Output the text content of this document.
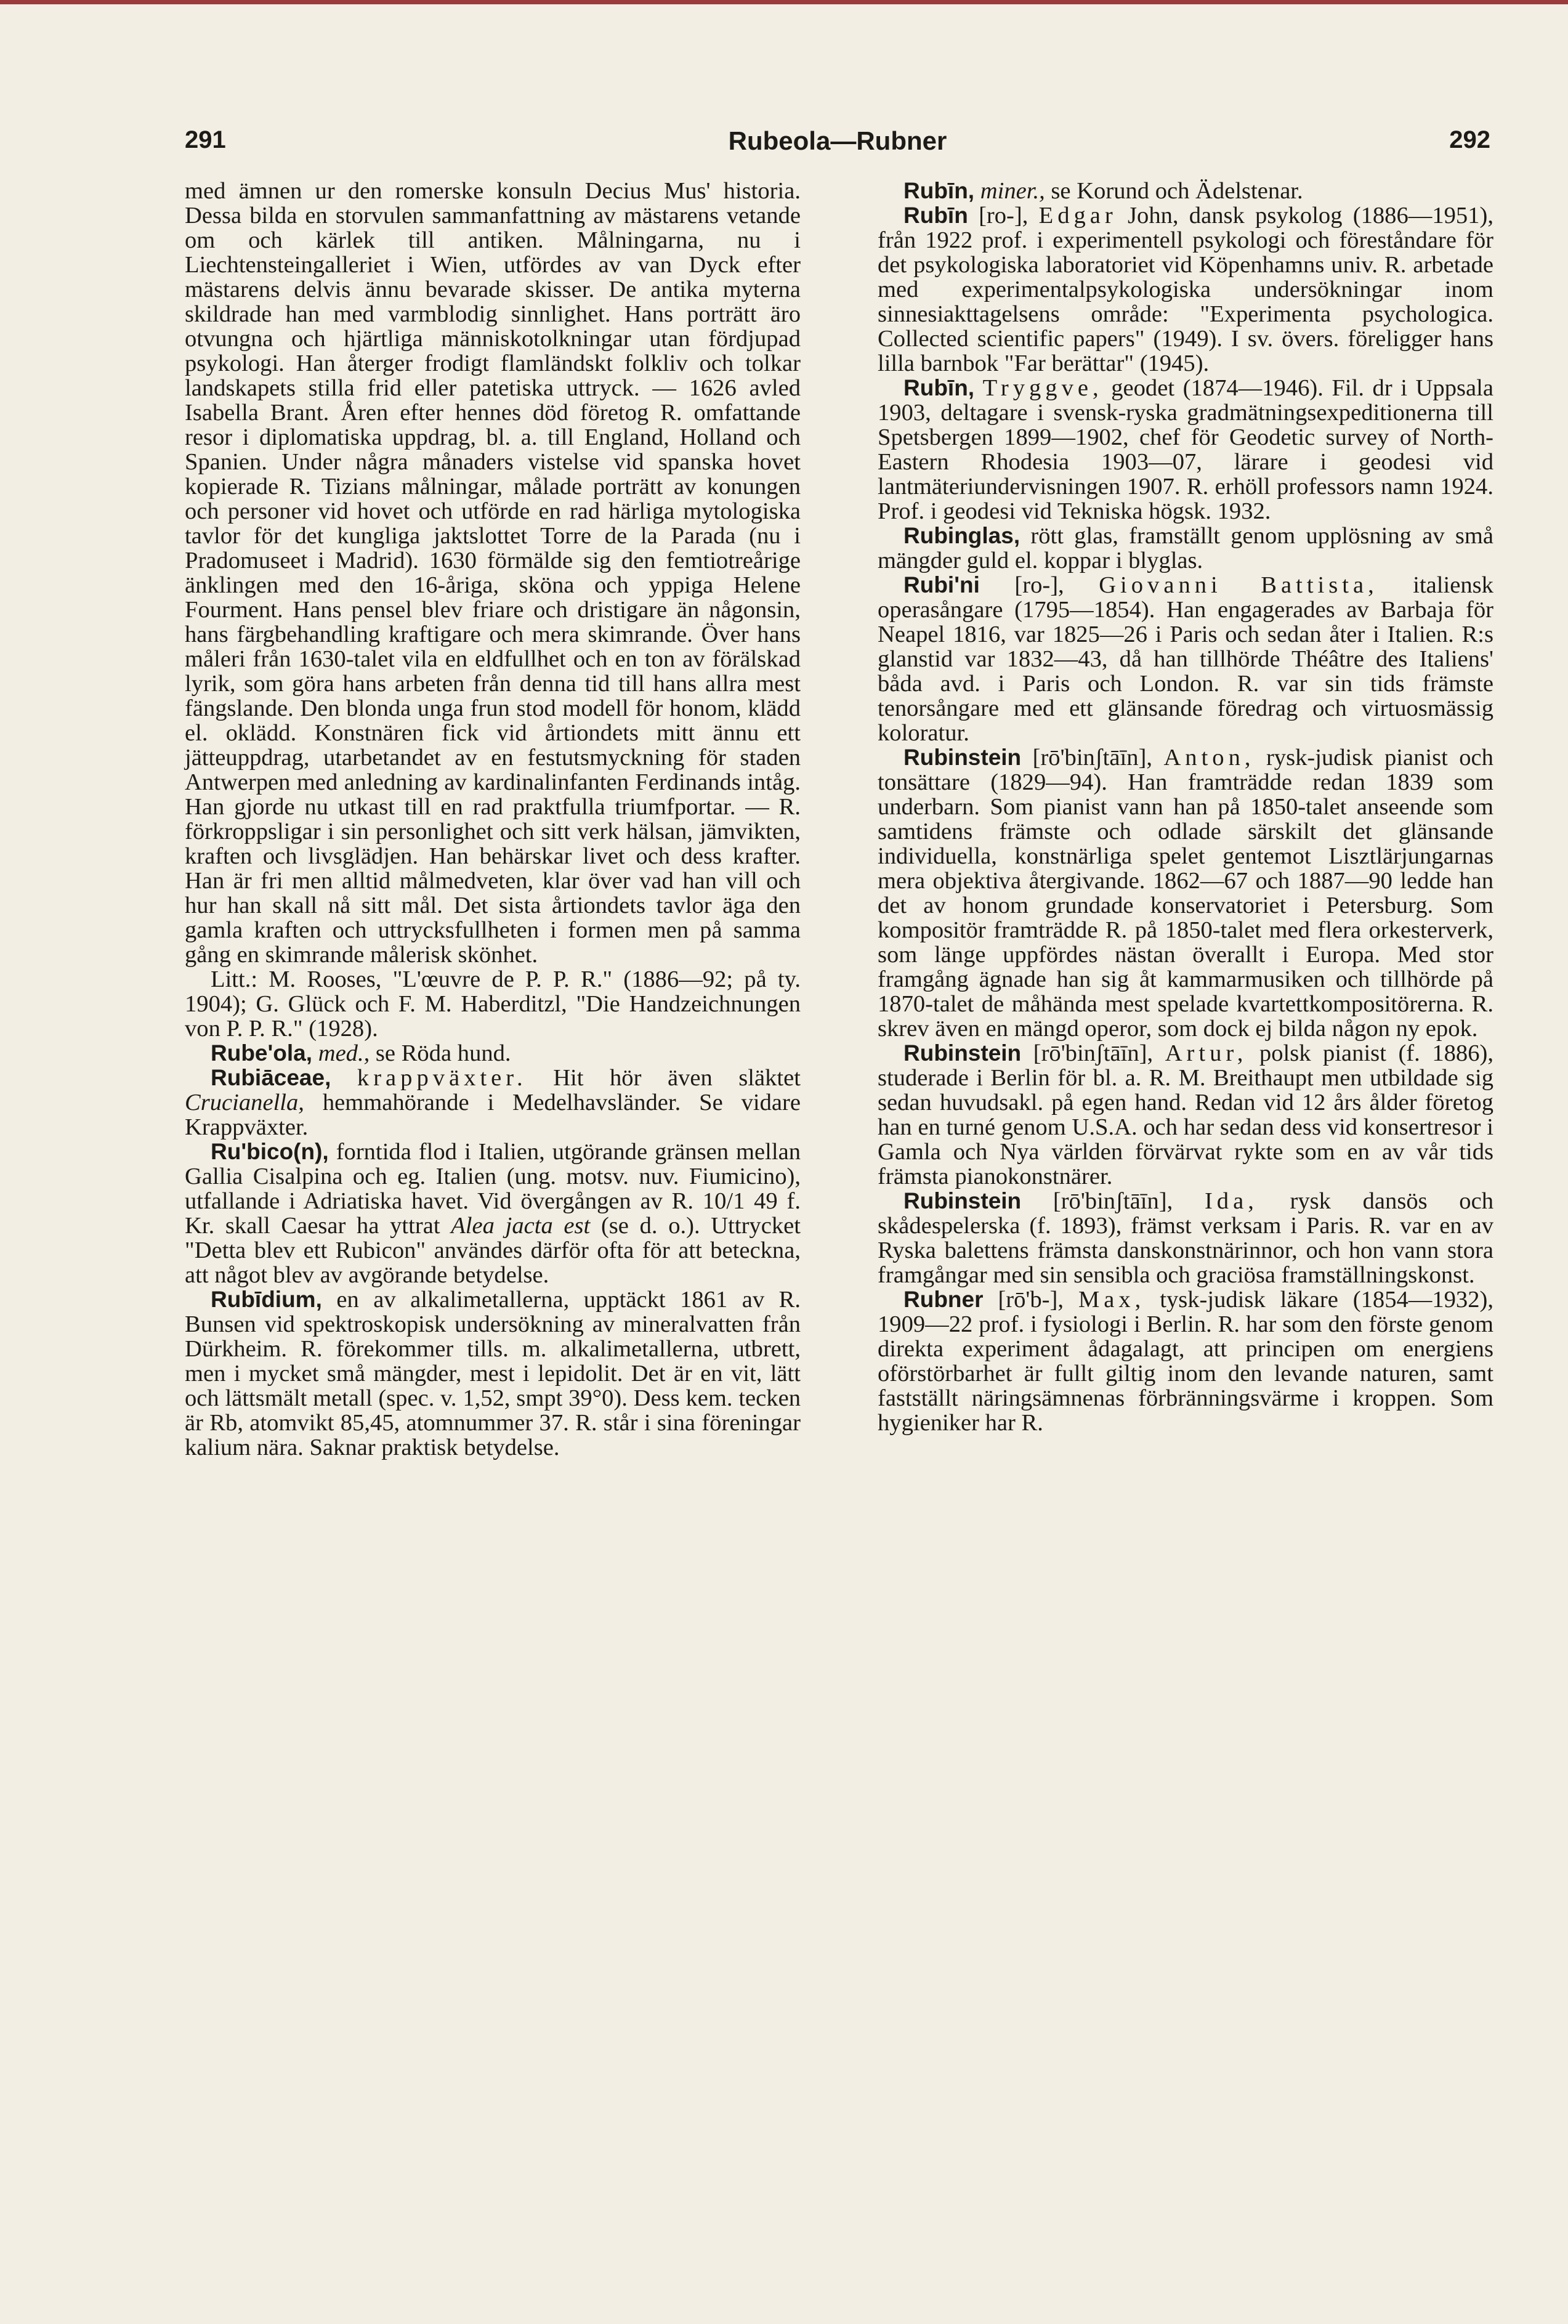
291	Rubeola—Rubner	292

med ämnen ur den romerske konsuln Decius Mus' historia. Dessa bilda en storvulen sammanfattning av mästarens vetande om och kärlek till antiken. Målningarna, nu i Liechtensteingalleriet i Wien, utfördes av van Dyck efter mästarens delvis ännu bevarade skisser. De antika myterna skildrade han med varmblodig sinnlighet. Hans porträtt äro otvungna och hjärtliga människotolkningar utan fördjupad psykologi. Han återger frodigt flamländskt folkliv och tolkar landskapets stilla frid eller patetiska uttryck. — 1626 avled Isabella Brant. Åren efter hennes död företog R. omfattande resor i diplomatiska uppdrag, bl. a. till England, Holland och Spanien. Under några månaders vistelse vid spanska hovet kopierade R. Tizians målningar, målade porträtt av konungen och personer vid hovet och utförde en rad härliga mytologiska tavlor för det kungliga jaktslottet Torre de la Parada (nu i Pradomuseet i Madrid). 1630 förmälde sig den femtiotreårige änklingen med den 16-åriga, sköna och yppiga Helene Fourment. Hans pensel blev friare och dristigare än någonsin, hans färgbehandling kraftigare och mera skimrande. Över hans måleri från 1630-talet vila en eldfullhet och en ton av förälskad lyrik, som göra hans arbeten från denna tid till hans allra mest fängslande. Den blonda unga frun stod modell för honom, klädd el. oklädd. Konstnären fick vid årtiondets mitt ännu ett jätteuppdrag, utarbetandet av en festutsmyckning för staden Antwerpen med anledning av kardinalinfanten Ferdinands intåg. Han gjorde nu utkast till en rad praktfulla triumfportar. — R. förkroppsligar i sin personlighet och sitt verk hälsan, jämvikten, kraften och livsglädjen. Han behärskar livet och dess krafter. Han är fri men alltid målmedveten, klar över vad han vill och hur han skall nå sitt mål. Det sista årtiondets tavlor äga den gamla kraften och uttrycksfullheten i formen men på samma gång en skimrande målerisk skönhet.

Litt.: M. Rooses, "L'œuvre de P. P. R." (1886—92; på ty. 1904); G. Glück och F. M. Haberditzl, "Die Handzeichnungen von P. P. R." (1928).

Rube'ola, med., se Röda hund.

Rubiāceae, krappväxter. Hit hör även släktet Crucianella, hemmahörande i Medelhavsländer. Se vidare Krappväxter.

Ru'bico(n), forntida flod i Italien, utgörande gränsen mellan Gallia Cisalpina och eg. Italien (ung. motsv. nuv. Fiumicino), utfallande i Adriatiska havet. Vid övergången av R. 10/1 49 f. Kr. skall Caesar ha yttrat Alea jacta est (se d. o.). Uttrycket "Detta blev ett Rubicon" användes därför ofta för att beteckna, att något blev av avgörande betydelse.

Rubīdium, en av alkalimetallerna, upptäckt 1861 av R. Bunsen vid spektroskopisk undersökning av mineralvatten från Dürkheim. R. förekommer tills. m. alkalimetallerna, utbrett, men i mycket små mängder, mest i lepidolit. Det är en vit, lätt och lättsmält metall (spec. v. 1,52, smpt 39°0). Dess kem. tecken är Rb, atomvikt 85,45, atomnummer 37. R. står i sina föreningar kalium nära. Saknar praktisk betydelse.

Rubīn, miner., se Korund och Ädelstenar.

Rubīn [ro-], Edgar John, dansk psykolog (1886—1951), från 1922 prof. i experimentell psykologi och föreståndare för det psykologiska laboratoriet vid Köpenhamns univ. R. arbetade med experimentalpsykologiska undersökningar inom sinnesiakttagelsens område: "Experimenta psychologica. Collected scientific papers" (1949). I sv. övers. föreligger hans lilla barnbok "Far berättar" (1945).

Rubīn, Tryggve, geodet (1874—1946). Fil. dr i Uppsala 1903, deltagare i svensk-ryska gradmätningsexpeditionerna till Spetsbergen 1899—1902, chef för Geodetic survey of North-Eastern Rhodesia 1903—07, lärare i geodesi vid lantmäteriundervisningen 1907. R. erhöll professors namn 1924. Prof. i geodesi vid Tekniska högsk. 1932.

Rubinglas, rött glas, framställt genom upplösning av små mängder guld el. koppar i blyglas.

Rubi'ni [ro-], Giovanni Battista, italiensk operasångare (1795—1854). Han engagerades av Barbaja för Neapel 1816, var 1825—26 i Paris och sedan åter i Italien. R:s glanstid var 1832—43, då han tillhörde Théâtre des Italiens' båda avd. i Paris och London. R. var sin tids främste tenorsångare med ett glänsande föredrag och virtuosmässig koloratur.

Rubinstein [rō'binʃtāīn], Anton, rysk-judisk pianist och tonsättare (1829—94). Han framträdde redan 1839 som underbarn. Som pianist vann han på 1850-talet anseende som samtidens främste och odlade särskilt det glänsande individuella, konstnärliga spelet gentemot Lisztlärjungarnas mera objektiva återgivande. 1862—67 och 1887—90 ledde han det av honom grundade konservatoriet i Petersburg. Som kompositör framträdde R. på 1850-talet med flera orkesterverk, som länge uppfördes nästan överallt i Europa. Med stor framgång ägnade han sig åt kammarmusiken och tillhörde på 1870-talet de måhända mest spelade kvartettkompositörerna. R. skrev även en mängd operor, som dock ej bilda någon ny epok.

Rubinstein [rō'binʃtāīn], Artur, polsk pianist (f. 1886), studerade i Berlin för bl. a. R. M. Breithaupt men utbildade sig sedan huvudsakl. på egen hand. Redan vid 12 års ålder företog han en turné genom U.S.A. och har sedan dess vid konsertresor i Gamla och Nya världen förvärvat rykte som en av vår tids främsta pianokonstnärer.

Rubinstein [rō'binʃtāīn], Ida, rysk dansös och skådespelerska (f. 1893), främst verksam i Paris. R. var en av Ryska balettens främsta danskonstnärinnor, och hon vann stora framgångar med sin sensibla och graciösa framställningskonst.

Rubner [rō'b-], Max, tysk-judisk läkare (1854—1932), 1909—22 prof. i fysiologi i Berlin. R. har som den förste genom direkta experiment ådagalagt, att principen om energiens oförstörbarhet är fullt giltig inom den levande naturen, samt fastställt näringsämnenas förbränningsvärme i kroppen. Som hygieniker har R.
